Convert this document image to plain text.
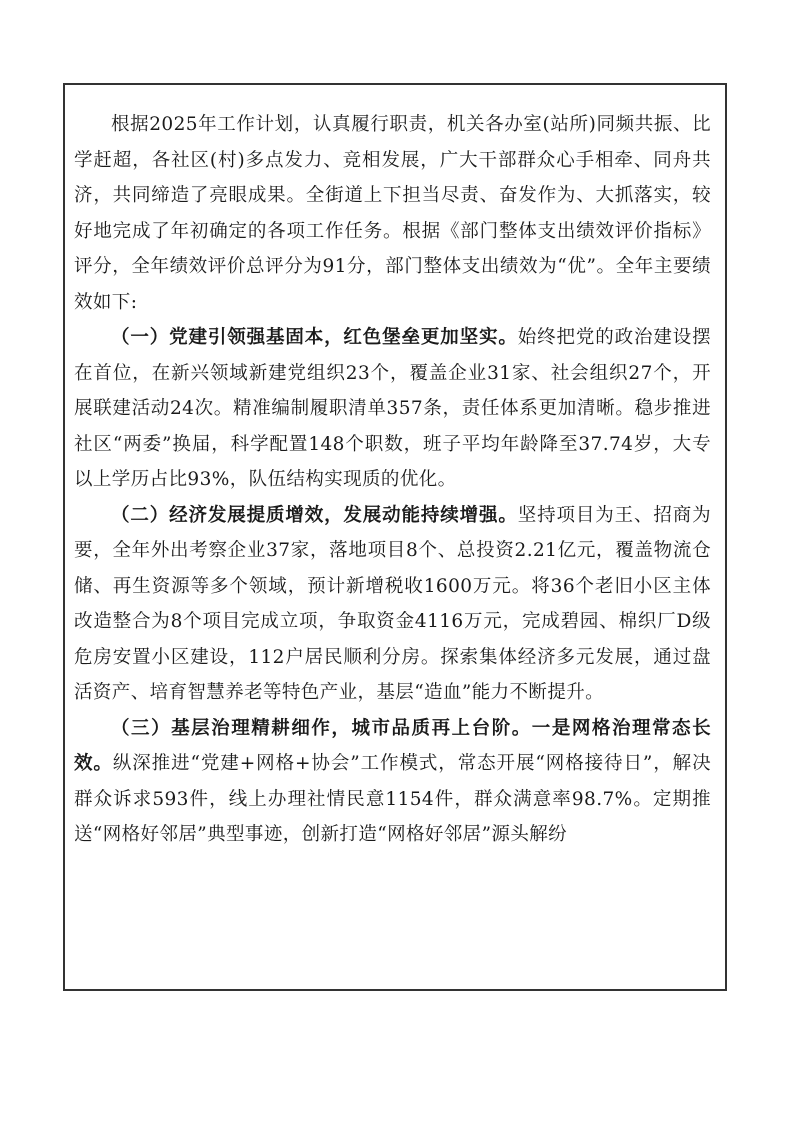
根据2025年工作计划，认真履行职责，机关各办室(站所)同频共振、比学赶超，各社区(村)多点发力、竞相发展，广大干部群众心手相牵、同舟共济，共同缔造了亮眼成果。全街道上下担当尽责、奋发作为、大抓落实，较好地完成了年初确定的各项工作任务。根据《部门整体支出绩效评价指标》评分，全年绩效评价总评分为91分，部门整体支出绩效为“优”。全年主要绩效如下:

（一）党建引领强基固本，红色堡垒更加坚实。始终把党的政治建设摆在首位，在新兴领域新建党组织23个，覆盖企业31家、社会组织27个，开展联建活动24次。精准编制履职清单357条，责任体系更加清晰。稳步推进社区“两委”换届，科学配置148个职数，班子平均年龄降至37.74岁，大专以上学历占比93%，队伍结构实现质的优化。

（二）经济发展提质增效，发展动能持续增强。坚持项目为王、招商为要，全年外出考察企业37家，落地项目8个、总投资2.21亿元，覆盖物流仓储、再生资源等多个领域，预计新增税收1600万元。将36个老旧小区主体改造整合为8个项目完成立项，争取资金4116万元，完成碧园、棉织厂D级危房安置小区建设，112户居民顺利分房。探索集体经济多元发展，通过盘活资产、培育智慧养老等特色产业，基层“造血”能力不断提升。

（三）基层治理精耕细作，城市品质再上台阶。一是网格治理常态长效。纵深推进“党建+网格+协会”工作模式，常态开展“网格接待日”，解决群众诉求593件，线上办理社情民意1154件，群众满意率98.7%。定期推送“网格好邻居”典型事迹，创新打造“网格好邻居”源头解纷
